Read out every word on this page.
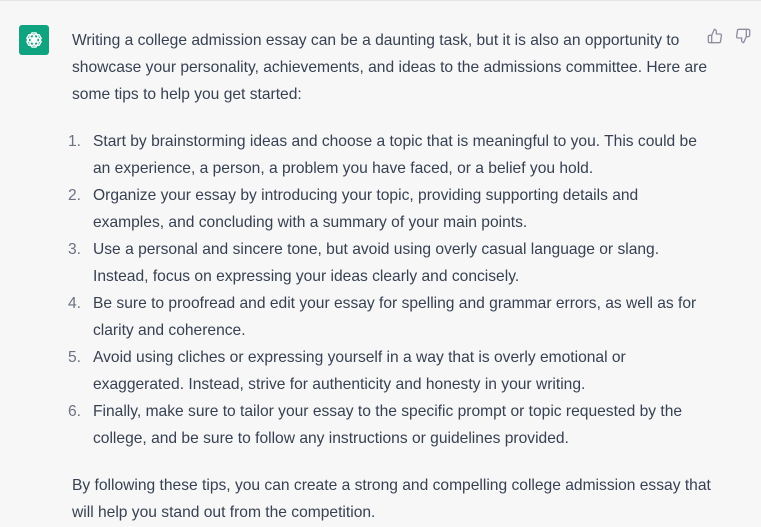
Writing a college admission essay can be a daunting task, but it is also an opportunity to showcase your personality, achievements, and ideas to the admissions committee. Here are some tips to help you get started:

1. Start by brainstorming ideas and choose a topic that is meaningful to you. This could be an experience, a person, a problem you have faced, or a belief you hold.
2. Organize your essay by introducing your topic, providing supporting details and examples, and concluding with a summary of your main points.
3. Use a personal and sincere tone, but avoid using overly casual language or slang. Instead, focus on expressing your ideas clearly and concisely.
4. Be sure to proofread and edit your essay for spelling and grammar errors, as well as for clarity and coherence.
5. Avoid using cliches or expressing yourself in a way that is overly emotional or exaggerated. Instead, strive for authenticity and honesty in your writing.
6. Finally, make sure to tailor your essay to the specific prompt or topic requested by the college, and be sure to follow any instructions or guidelines provided.

By following these tips, you can create a strong and compelling college admission essay that will help you stand out from the competition.
